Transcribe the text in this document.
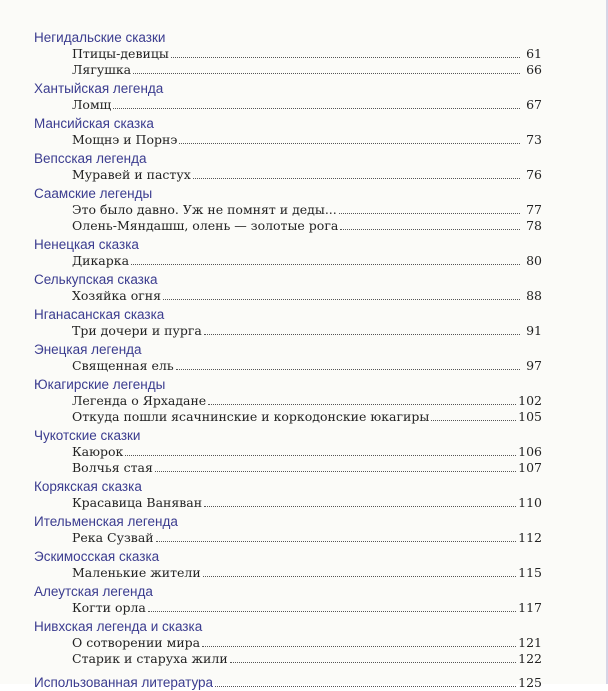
Негидальские сказки
Птицы-девицы	61
Лягушка	66
Хантыйская легенда
Ломщ	67
Мансийская сказка
Мощнэ и Порнэ	73
Вепсская легенда
Муравей и пастух	76
Саамские легенды
Это было давно. Уж не помнят и деды...	77
Олень-Мяндашш, олень — золотые рога	78
Ненецкая сказка
Дикарка	80
Селькупская сказка
Хозяйка огня	88
Нганасанская сказка
Три дочери и пурга	91
Энецкая легенда
Священная ель	97
Юкагирские легенды
Легенда о Ярхадане	102
Откуда пошли ясачнинские и коркодонские юкагиры	105
Чукотские сказки
Каюрок	106
Волчья стая	107
Корякская сказка
Красавица Ваняван	110
Ительменская легенда
Река Сузвай	112
Эскимосская сказка
Маленькие жители	115
Алеутская легенда
Когти орла	117
Нивхская легенда и сказка
О сотворении мира	121
Старик и старуха жили	122
Использованная литература	125
